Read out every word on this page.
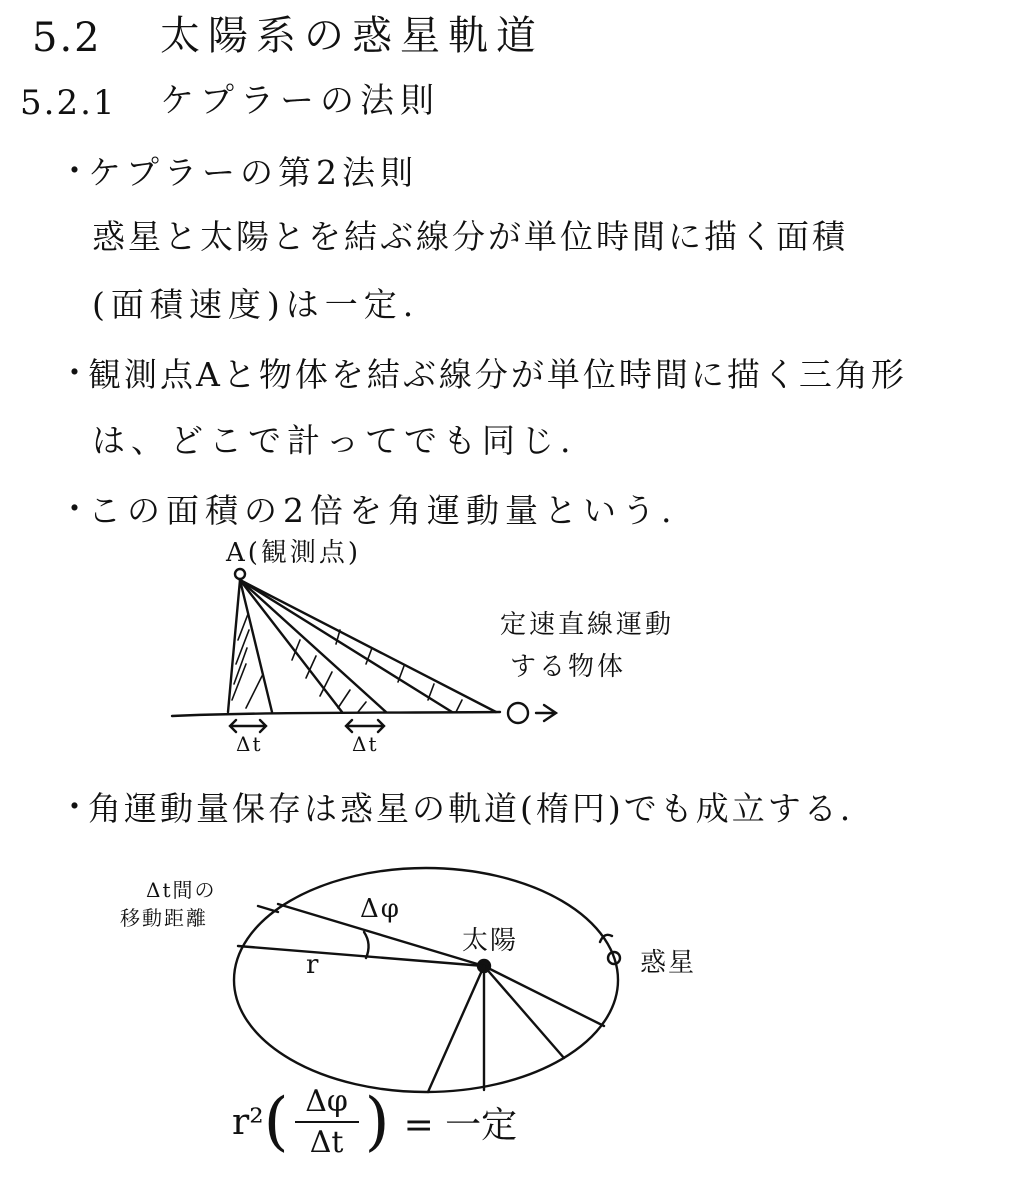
5.2 太陽系の惑星軌道
5.2.1 ケプラーの法則
・
ケプラーの第2法則
惑星と太陽とを結ぶ線分が単位時間に描く面積
(面積速度)は一定.
・
観測点Aと物体を結ぶ線分が単位時間に描く三角形
は、どこで計ってでも同じ.
・
この面積の2倍を角運動量という.
A(観測点)
定速直線運動
する物体
Δt	Δt
・
角運動量保存は惑星の軌道(楕円)でも成立する.
Δt間の
移動距離	Δφ
r
太陽
惑星
r² ( Δφ
Δt ) = 一定
